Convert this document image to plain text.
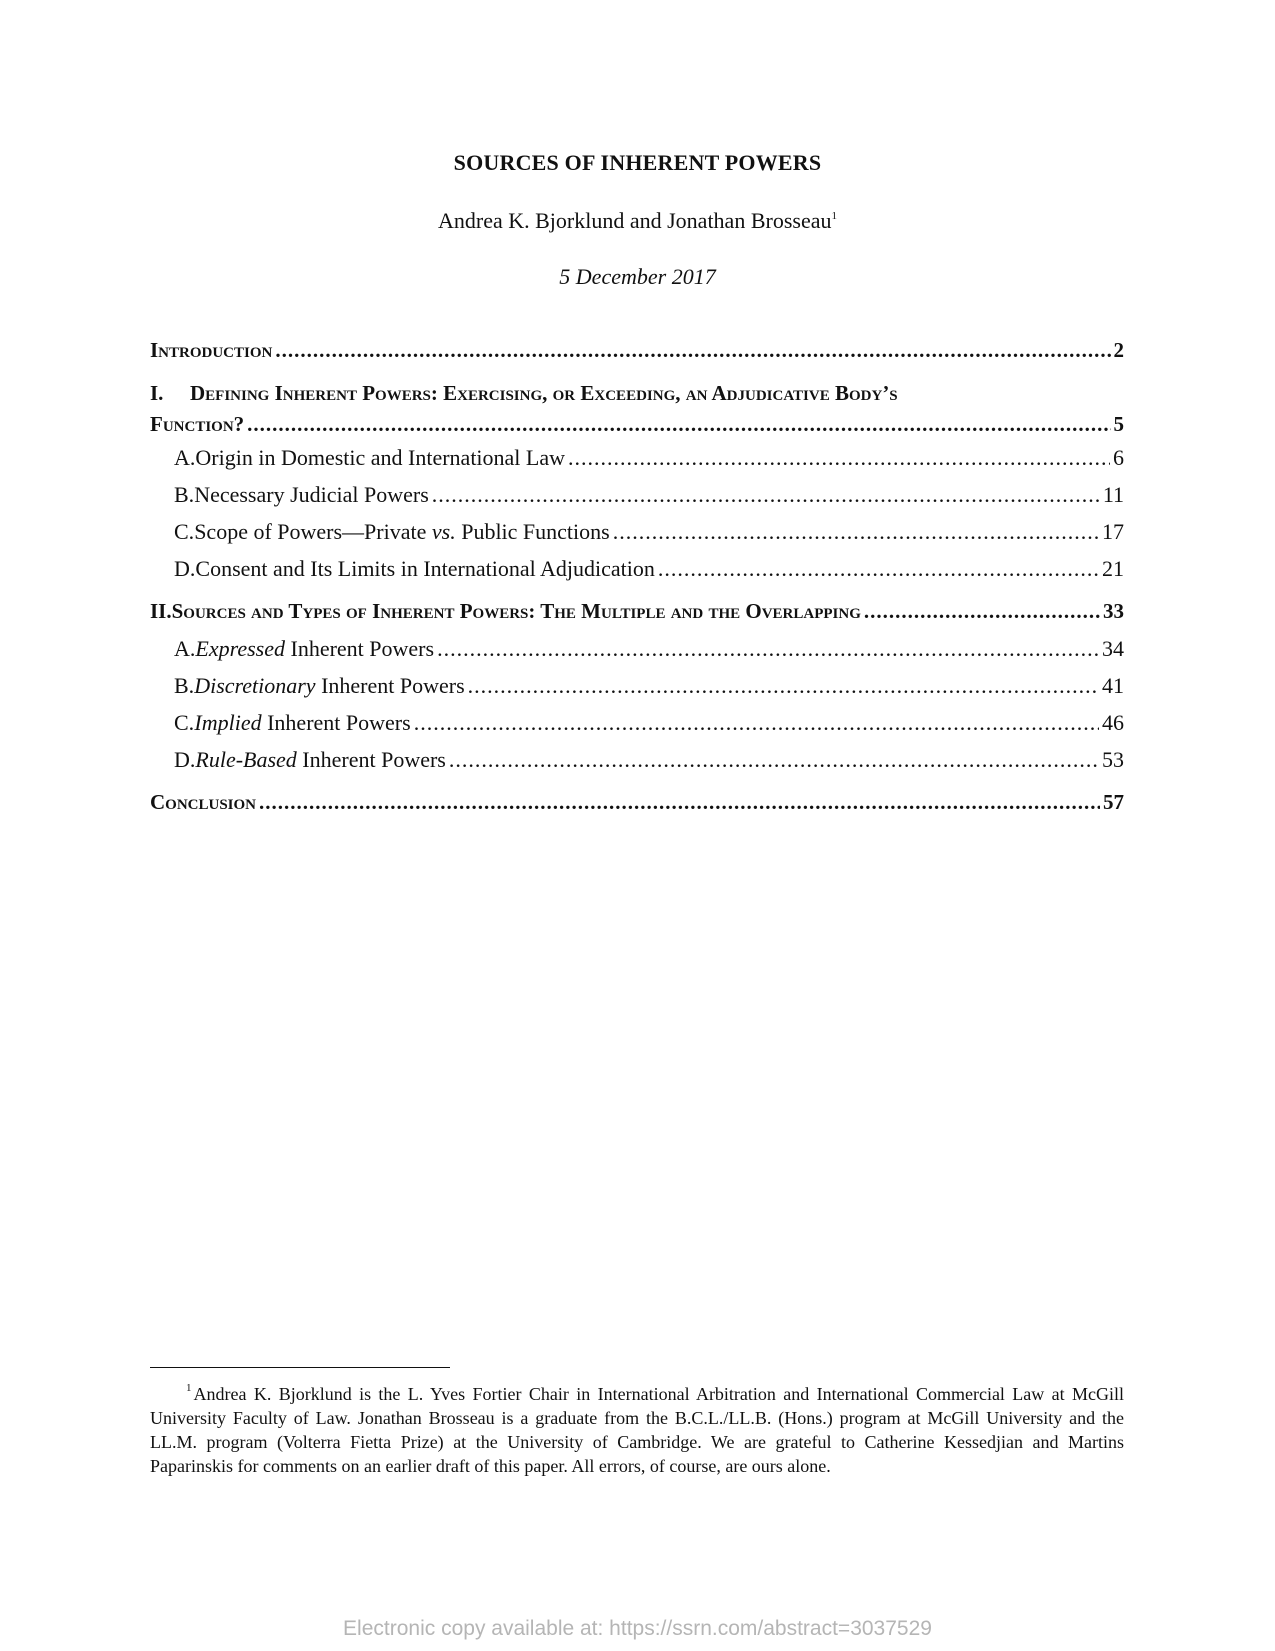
SOURCES OF INHERENT POWERS
Andrea K. Bjorklund and Jonathan Brosseau$^1$
5 December 2017
Introduction .....	2
I.	Defining Inherent Powers: Exercising, or Exceeding, an Adjudicative Body’s
Function? .....	5
A. Origin in Domestic and International Law .....	6
B. Necessary Judicial Powers .....	11
C. Scope of Powers—Private vs. Public Functions .....	17
D. Consent and Its Limits in International Adjudication .....	21
II. Sources and Types of Inherent Powers: The Multiple and the Overlapping .....	33
A. Expressed Inherent Powers .....	34
B. Discretionary Inherent Powers .....	41
C. Implied Inherent Powers .....	46
D. Rule-Based Inherent Powers .....	53
Conclusion .....	57
$^1$ Andrea K. Bjorklund is the L. Yves Fortier Chair in International Arbitration and International Commercial Law at McGill University Faculty of Law. Jonathan Brosseau is a graduate from the B.C.L./LL.B. (Hons.) program at McGill University and the LL.M. program (Volterra Fietta Prize) at the University of Cambridge. We are grateful to Catherine Kessedjian and Martins Paparinskis for comments on an earlier draft of this paper. All errors, of course, are ours alone.
Electronic copy available at: https://ssrn.com/abstract=3037529
